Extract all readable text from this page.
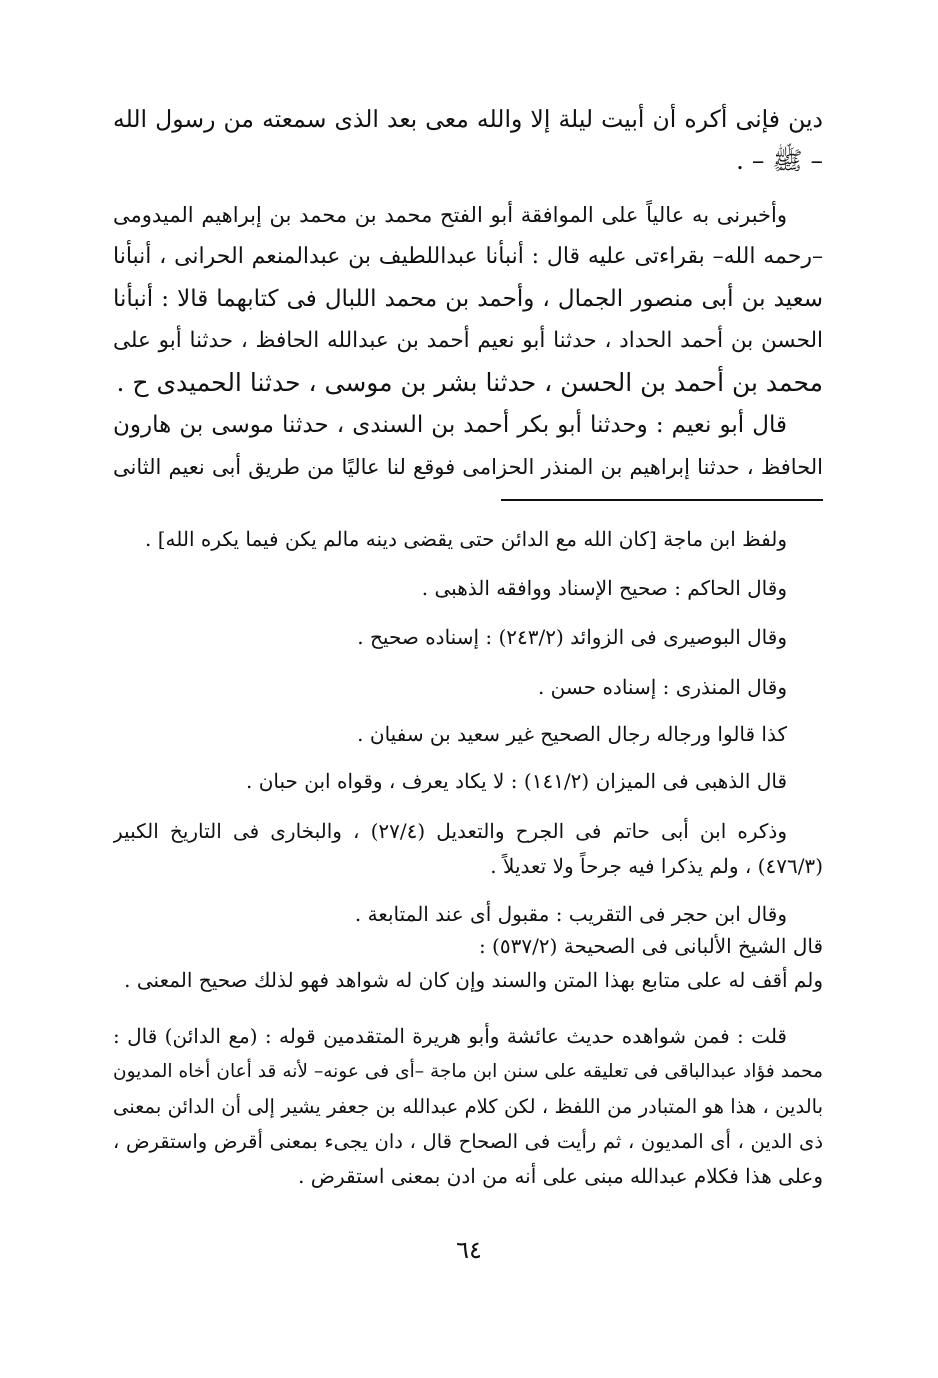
دين فإنى أكره أن أبيت ليلة إلا والله معى بعد الذى سمعته من رسول الله
– ﷺ – .
وأخبرنى به عالياً على الموافقة أبو الفتح محمد بن محمد بن إبراهيم الميدومى
–رحمه الله– بقراءتى عليه قال : أنبأنا عبداللطيف بن عبدالمنعم الحرانى ، أنبأنا
سعيد بن أبى منصور الجمال ، وأحمد بن محمد اللبال فى كتابهما قالا : أنبأنا
الحسن بن أحمد الحداد ، حدثنا أبو نعيم أحمد بن عبدالله الحافظ ، حدثنا أبو على
محمد بن أحمد بن الحسن ، حدثنا بشر بن موسى ، حدثنا الحميدى ح .
قال أبو نعيم : وحدثنا أبو بكر أحمد بن السندى ، حدثنا موسى بن هارون
الحافظ ، حدثنا إبراهيم بن المنذر الحزامى فوقع لنا عاليًا من طريق أبى نعيم الثانى
ولفظ ابن ماجة [كان الله مع الدائن حتى يقضى دينه مالم يكن فيما يكره الله] .
وقال الحاكم : صحيح الإسناد ووافقه الذهبى .
وقال البوصيرى فى الزوائد (٢٤٣/٢) : إسناده صحيح .
وقال المنذرى : إسناده حسن .
كذا قالوا ورجاله رجال الصحيح غير سعيد بن سفيان .
قال الذهبى فى الميزان (١٤١/٢) : لا يكاد يعرف ، وقواه ابن حبان .
وذكره ابن أبى حاتم فى الجرح والتعديل (٢٧/٤) ، والبخارى فى التاريخ الكبير
(٤٧٦/٣) ، ولم يذكرا فيه جرحاً ولا تعديلاً .
وقال ابن حجر فى التقريب : مقبول أى عند المتابعة .
قال الشيخ الألبانى فى الصحيحة (٥٣٧/٢) :
ولم أقف له على متابع بهذا المتن والسند وإن كان له شواهد فهو لذلك صحيح المعنى .
قلت : فمن شواهده حديث عائشة وأبو هريرة المتقدمين قوله : (مع الدائن) قال :
محمد فؤاد عبدالباقى فى تعليقه على سنن ابن ماجة –أى فى عونه– لأنه قد أعان أخاه المديون
بالدين ، هذا هو المتبادر من اللفظ ، لكن كلام عبدالله بن جعفر يشير إلى أن الدائن بمعنى
ذى الدين ، أى المديون ، ثم رأيت فى الصحاح قال ، دان يجىء بمعنى أقرض واستقرض ،
وعلى هذا فكلام عبدالله مبنى على أنه من ادن بمعنى استقرض .
٦٤
